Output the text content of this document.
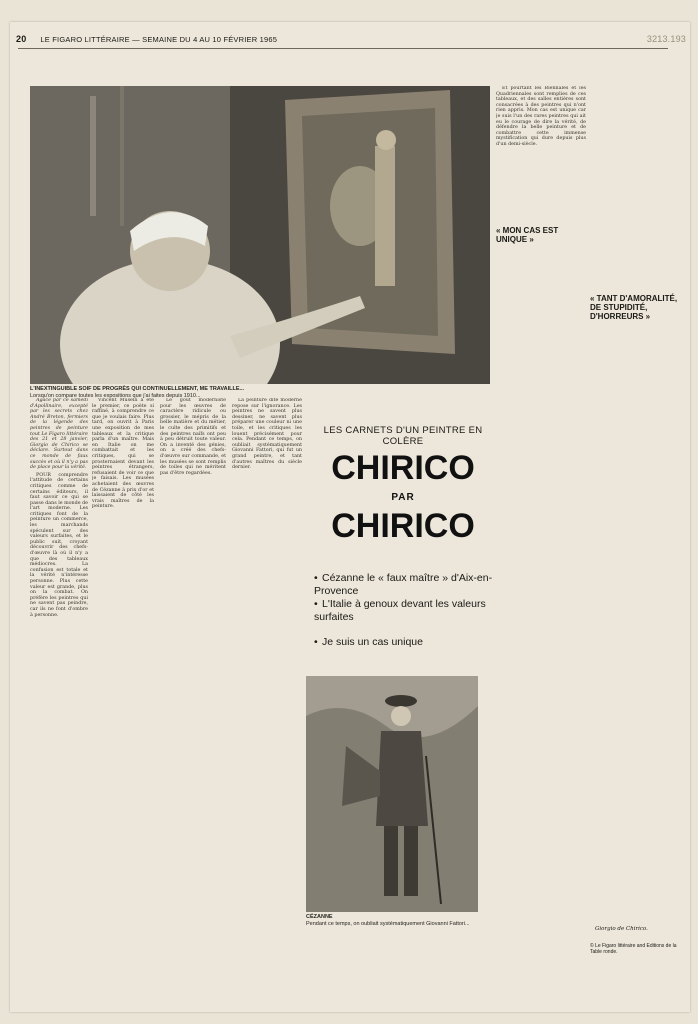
20 LE FIGARO LITTÉRAIRE — SEMAINE DU 4 AU 10 FÉVRIER 1965	3213.193
L'INEXTINGUIBLE SOIF DE PROGRÈS QUI CONTINUELLEMENT, ME TRAVAILLE...
Lorsqu'on compare toutes les expositions que j'ai faites depuis 1910...

Agacé par ce samedi d'Apollinaire, excepté par les secrets chez André Breton, fermiers de la légende des peintres de peinture tout Le Figaro littéraire des 21 et 28 janvier, Giorgio de Chirico se déclare. Surtout dans ce monde de faux succès et où il n'y a pas de place pour la vérité.

POUR comprendre l'attitude de certains critiques comme de certains éditeurs, il faut savoir ce qui se passe dans le monde de l'art moderne. Les critiques font de la peinture un commerce, les marchands spéculent sur des valeurs surfaites, et le public suit, croyant découvrir des chefs-d'œuvre là où il n'y a que des tableaux médiocres. La confusion est totale et la vérité n'intéresse personne. Plus cette valeur est grande, plus on la combat. On préfère les peintres qui ne savent pas peindre, car ils ne font d'ombre à personne.

Vincent Muselli a été le premier, ce poète si raffiné, à comprendre ce que je voulais faire. Plus tard, on ouvrit à Paris une exposition de mes tableaux et la critique parla d'un maître. Mais en Italie on me combattait et les critiques, qui se prosternaient devant les peintres étrangers, refusaient de voir ce que je faisais. Les musées achetaient des œuvres de Cézanne à prix d'or et laissaient de côté les vrais maîtres de la peinture.

Le goût moderniste pour les œuvres de caractère ridicule ou grossier, le mépris de la belle matière et du métier, le culte des primitifs et des peintres naïfs ont peu à peu détruit toute valeur. On a inventé des génies, on a créé des chefs-d'œuvre sur commande, et les musées se sont remplis de toiles qui ne méritent pas d'être regardées.

La peinture dite moderne repose sur l'ignorance. Les peintres ne savent plus dessiner, ne savent plus préparer une couleur ni une toile, et les critiques les louent précisément pour cela. Pendant ce temps, on oubliait systématiquement Giovanni Fattori, qui fut un grand peintre, et tant d'autres maîtres du siècle dernier.

LES CARNETS D'UN PEINTRE EN COLÈRE
CHIRICO
PAR
CHIRICO
• Cézanne le « faux maître » d'Aix-en-Provence
• L'Italie à genoux devant les valeurs surfaites
• Je suis un cas unique
CÉZANNE
Pendant ce temps, on oubliait systématiquement Giovanni Fattori...

Et pourtant les Biennales et les Quadriennales sont remplies de ces tableaux, et des salles entières sont consacrées à des peintres qui n'ont rien appris. Mon cas est unique car je suis l'un des rares peintres qui ait eu le courage de dire la vérité, de défendre la belle peinture et de combattre cette immense mystification qui dure depuis plus d'un demi-siècle.

« MON CAS EST UNIQUE »
« TANT D'AMORALITÉ, DE STUPIDITÉ, D'HORREURS »
Giorgio de Chirico.
© Le Figaro littéraire and Editions de la Table ronde.
